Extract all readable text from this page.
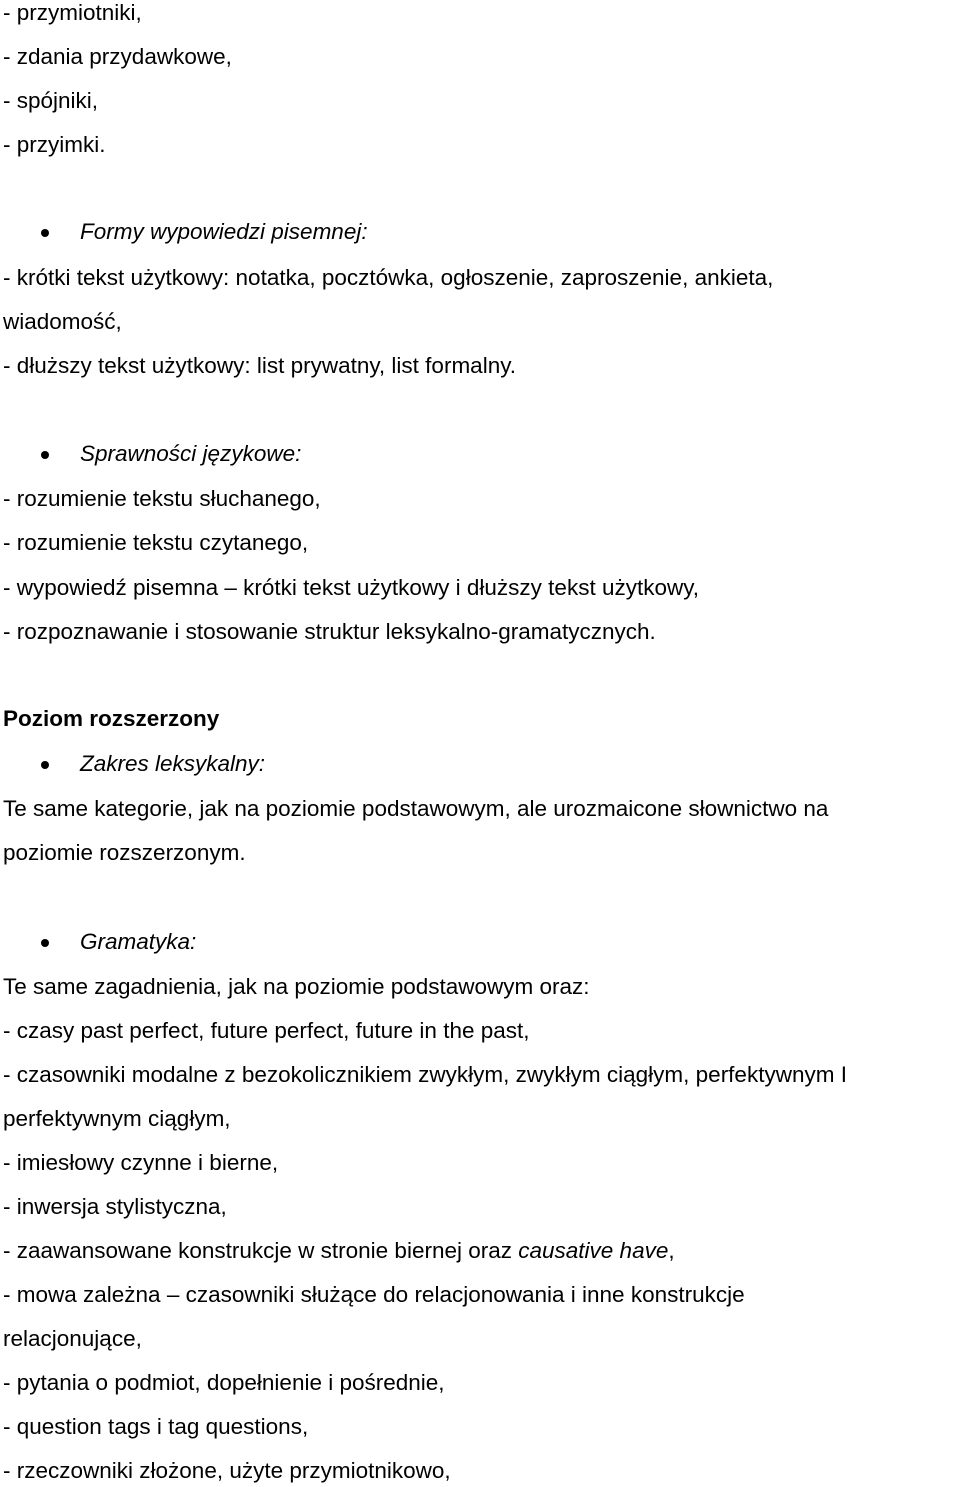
- przymiotniki,
- zdania przydawkowe,
- spójniki,
- przyimki.
Formy wypowiedzi pisemnej:
- krótki tekst użytkowy: notatka, pocztówka, ogłoszenie, zaproszenie, ankieta,
wiadomość,
- dłuższy tekst użytkowy: list prywatny, list formalny.
Sprawności językowe:
- rozumienie tekstu słuchanego,
- rozumienie tekstu czytanego,
- wypowiedź pisemna – krótki tekst użytkowy i dłuższy tekst użytkowy,
- rozpoznawanie i stosowanie struktur leksykalno-gramatycznych.
Poziom rozszerzony
Zakres leksykalny:
Te same kategorie, jak na poziomie podstawowym, ale urozmaicone słownictwo na
poziomie rozszerzonym.
Gramatyka:
Te same zagadnienia, jak na poziomie podstawowym oraz:
- czasy past perfect, future perfect, future in the past,
- czasowniki modalne z bezokolicznikiem zwykłym, zwykłym ciągłym, perfektywnym I
perfektywnym ciągłym,
- imiesłowy czynne i bierne,
- inwersja stylistyczna,
- zaawansowane konstrukcje w stronie biernej oraz causative have,
- mowa zależna – czasowniki służące do relacjonowania i inne konstrukcje
relacjonujące,
- pytania o podmiot, dopełnienie i pośrednie,
- question tags i tag questions,
- rzeczowniki złożone, użyte przymiotnikowo,
